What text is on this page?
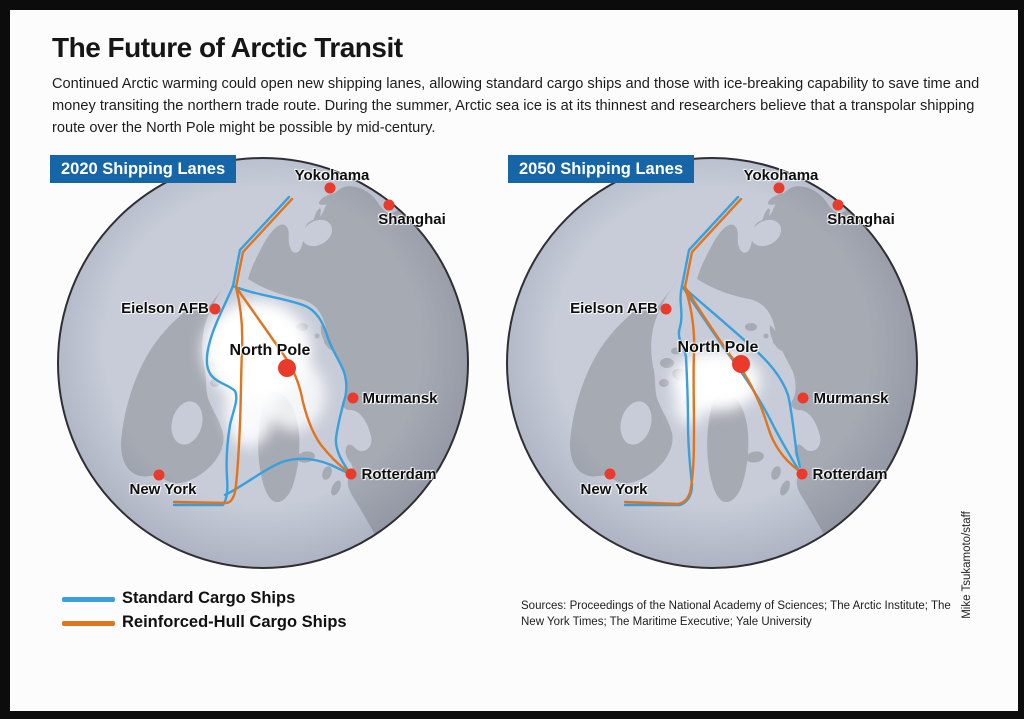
The Future of Arctic Transit

Continued Arctic warming could open new shipping lanes, allowing standard cargo ships and those with ice-breaking capability to save time and money transiting the northern trade route. During the summer, Arctic sea ice is at its thinnest and researchers believe that a transpolar shipping route over the North Pole might be possible by mid-century.

2020 Shipping Lanes	Yokohama
Shanghai
Eielson AFB
North Pole
Murmansk
Rotterdam
New York
2050 Shipping Lanes	Yokohama
Shanghai
Eielson AFB
North Pole
Murmansk
Rotterdam
New York
Standard Cargo Ships
Reinforced-Hull Cargo Ships
Sources: Proceedings of the National Academy of Sciences; The Arctic Institute; The New York Times; The Maritime Executive; Yale University
Mike Tsukamoto/staff
